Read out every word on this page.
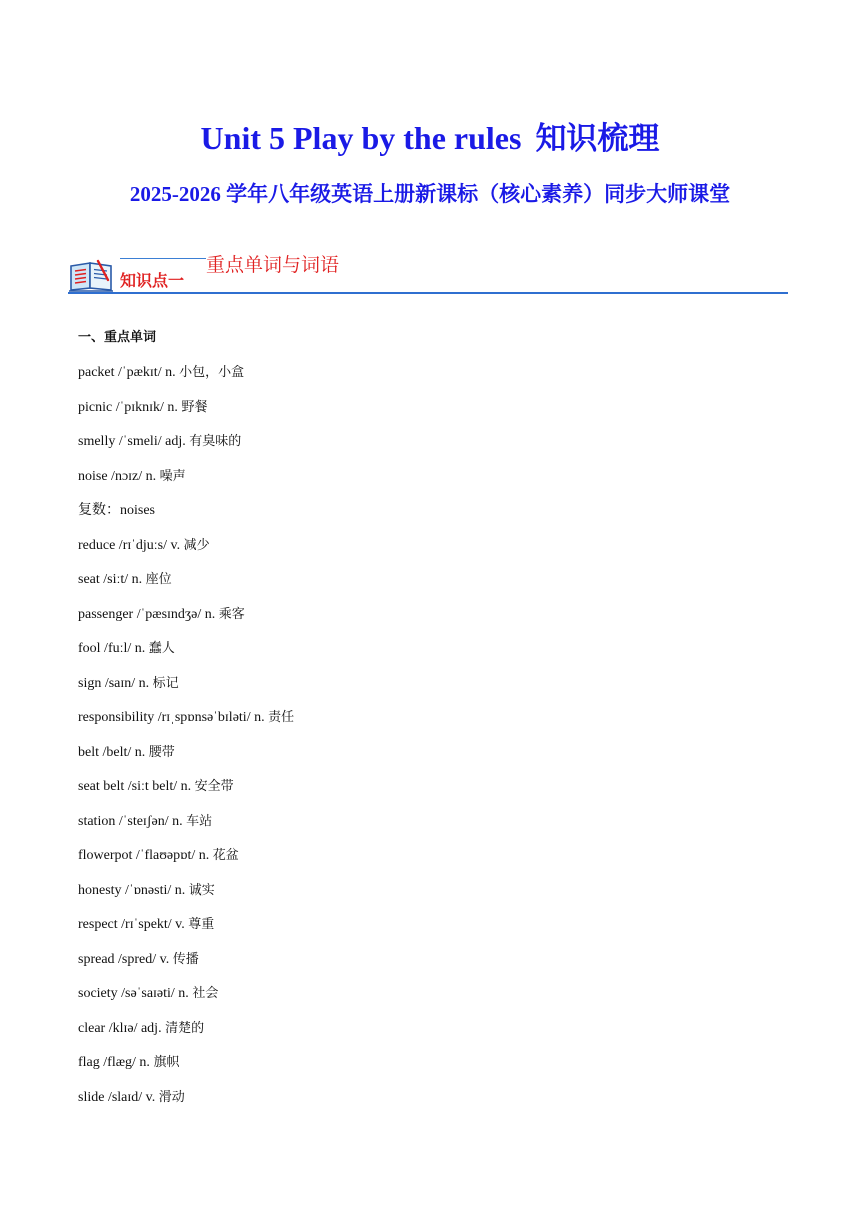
Unit 5 Play by the rules 知识梳理
2025-2026 学年八年级英语上册新课标（核心素养）同步大师课堂
知识点一
重点单词与词语
一、重点单词
packet /ˈpækɪt/ n. 小包，小盒
picnic /ˈpɪknɪk/ n. 野餐
smelly /ˈsmeli/ adj. 有臭味的
noise /nɔɪz/ n. 噪声
复数：noises
reduce /rɪˈdjuːs/ v. 减少
seat /siːt/ n. 座位
passenger /ˈpæsɪndʒə/ n. 乘客
fool /fuːl/ n. 蠢人
sign /saɪn/ n. 标记
responsibility /rɪˌspɒnsəˈbɪləti/ n. 责任
belt /belt/ n. 腰带
seat belt /siːt belt/ n. 安全带
station /ˈsteɪʃən/ n. 车站
flowerpot /ˈflaʊəpɒt/ n. 花盆
honesty /ˈɒnəsti/ n. 诚实
respect /rɪˈspekt/ v. 尊重
spread /spred/ v. 传播
society /səˈsaɪəti/ n. 社会
clear /klɪə/ adj. 清楚的
flag /flæg/ n. 旗帜
slide /slaɪd/ v. 滑动
